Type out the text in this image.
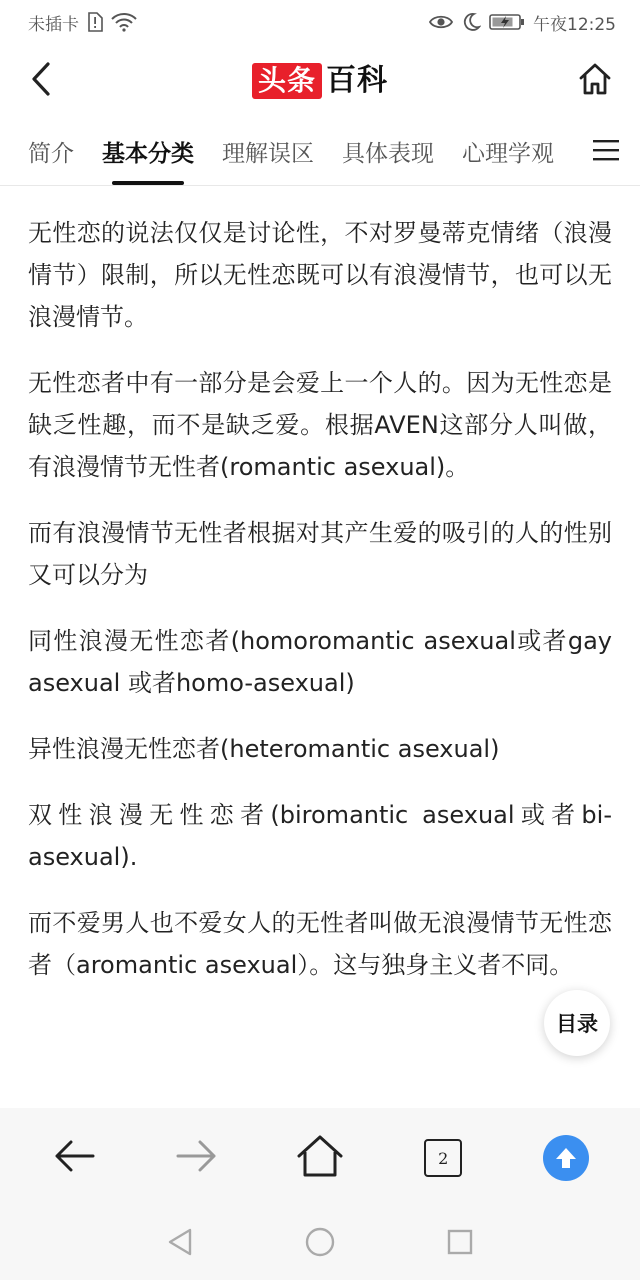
未插卡	午夜12:25
头条 百科
简介 基本分类 理解误区 具体表现 心理学观

无性恋的说法仅仅是讨论性，不对罗曼蒂克情绪（浪漫情节）限制，所以无性恋既可以有浪漫情节，也可以无浪漫情节。

无性恋者中有一部分是会爱上一个人的。因为无性恋是缺乏性趣，而不是缺乏爱。根据AVEN这部分人叫做，有浪漫情节无性者(romantic asexual)。

而有浪漫情节无性者根据对其产生爱的吸引的人的性别又可以分为

同性浪漫无性恋者(homoromantic asexual或者gay asexual 或者homo-asexual)

异性浪漫无性恋者(heteromantic asexual)

双性浪漫无性恋者(biromantic asexual或者bi-asexual).

而不爱男人也不爱女人的无性者叫做无浪漫情节无性恋者（aromantic asexual）。这与独身主义者不同。

目录
2
